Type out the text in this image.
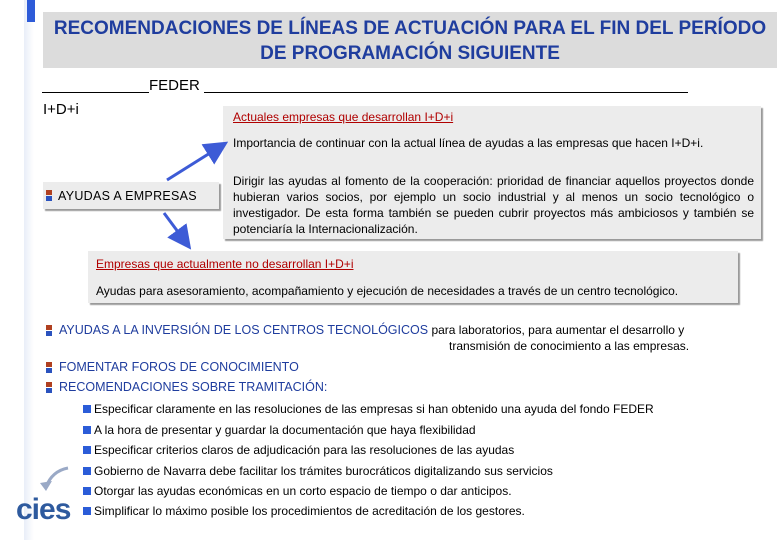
RECOMENDACIONES DE LÍNEAS DE ACTUACIÓN PARA EL FIN DEL PERÍODO DE PROGRAMACIÓN SIGUIENTE
FEDER
I+D+i	Actuales empresas que desarrollan I+D+i
Importancia de continuar con la actual línea de ayudas a las empresas que hacen I+D+i.
Dirigir las ayudas al fomento de la cooperación: prioridad de financiar aquellos proyectos donde hubieran varios socios, por ejemplo un socio industrial y al menos un socio tecnológico o investigador. De esta forma también se pueden cubrir proyectos más ambiciosos y también se potenciaría la Internacionalización.
AYUDAS A EMPRESAS
Empresas que actualmente no desarrollan I+D+i
Ayudas para asesoramiento, acompañamiento y ejecución de necesidades a través de un centro tecnológico.
AYUDAS A LA INVERSIÓN DE LOS CENTROS TECNOLÓGICOS para laboratorios, para aumentar el desarrollo y
transmisión de conocimiento a las empresas.
FOMENTAR FOROS DE CONOCIMIENTO
RECOMENDACIONES SOBRE TRAMITACIÓN:
Especificar claramente en las resoluciones de las empresas si han obtenido una ayuda del fondo FEDER
A la hora de presentar y guardar la documentación que haya flexibilidad
Especificar criterios claros de adjudicación para las resoluciones de las ayudas
Gobierno de Navarra debe facilitar los trámites burocráticos digitalizando sus servicios
Otorgar las ayudas económicas en un corto espacio de tiempo o dar anticipos.
Simplificar lo máximo posible los procedimientos de acreditación de los gestores.
cies
